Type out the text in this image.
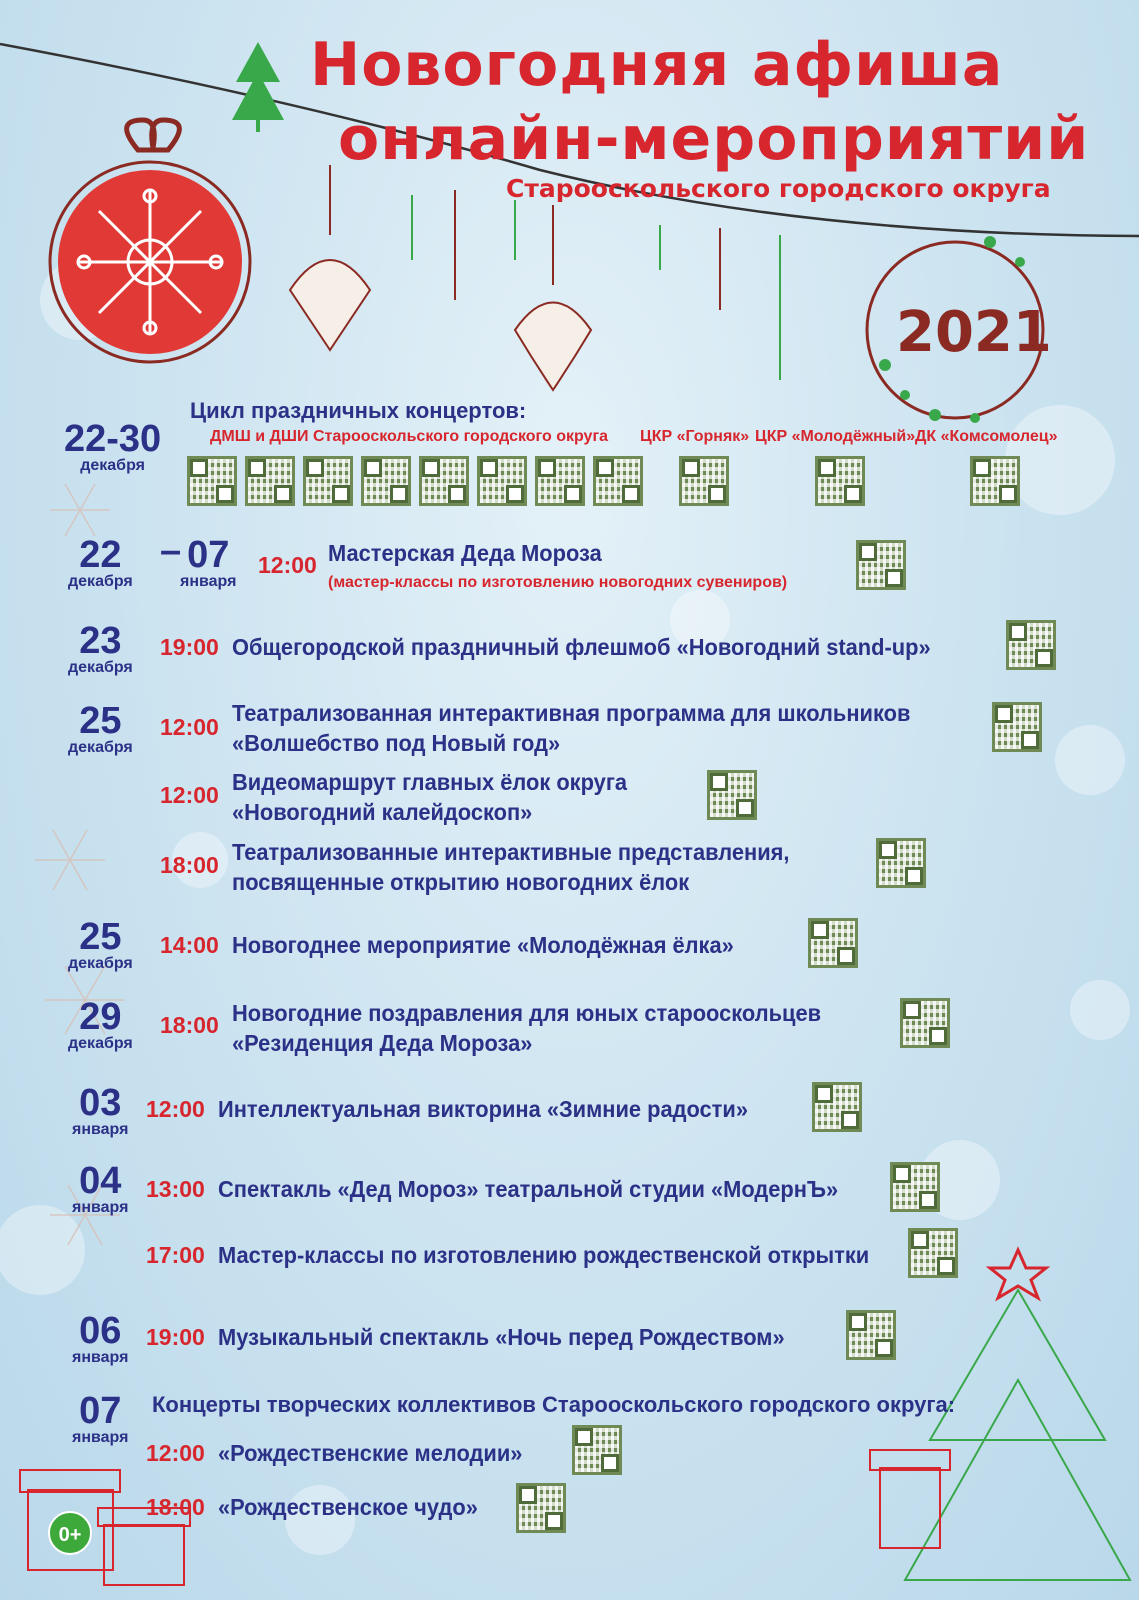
Новогодняя афиша
онлайн-мероприятий
Старооскольского городского округа
2021
22-30
декабря
Цикл праздничных концертов:
ДМШ и ДШИ Старооскольского городского округа ЦКР «Горняк» ЦКР «Молодёжный» ДК «Комсомолец»
22
декабря
– 07
января
12:00 Мастерская Деда Мороза
(мастер-классы по изготовлению новогодних сувениров)
23
декабря
19:00 Общегородской праздничный флешмоб «Новогодний stand-up»
25
декабря
12:00
Театрализованная интерактивная программа для школьников
«Волшебство под Новый год»
12:00 Видеомаршрут главных ёлок округа
«Новогодний калейдоскоп»
18:00 Театрализованные интерактивные представления,
посвященные открытию новогодних ёлок
25
декабря
14:00 Новогоднее мероприятие «Молодёжная ёлка»
29
декабря
18:00 Новогодние поздравления для юных старооскольцев
«Резиденция Деда Мороза»
03
января
12:00 Интеллектуальная викторина «Зимние радости»
04
января
13:00 Спектакль «Дед Мороз» театральной студии «МодернЪ»
17:00 Мастер-классы по изготовлению рождественской открытки
06
января
19:00 Музыкальный спектакль «Ночь перед Рождеством»
07
января
Концерты творческих коллективов Старооскольского городского округа:
12:00 «Рождественские мелодии»
18:00 «Рождественское чудо»
0+
